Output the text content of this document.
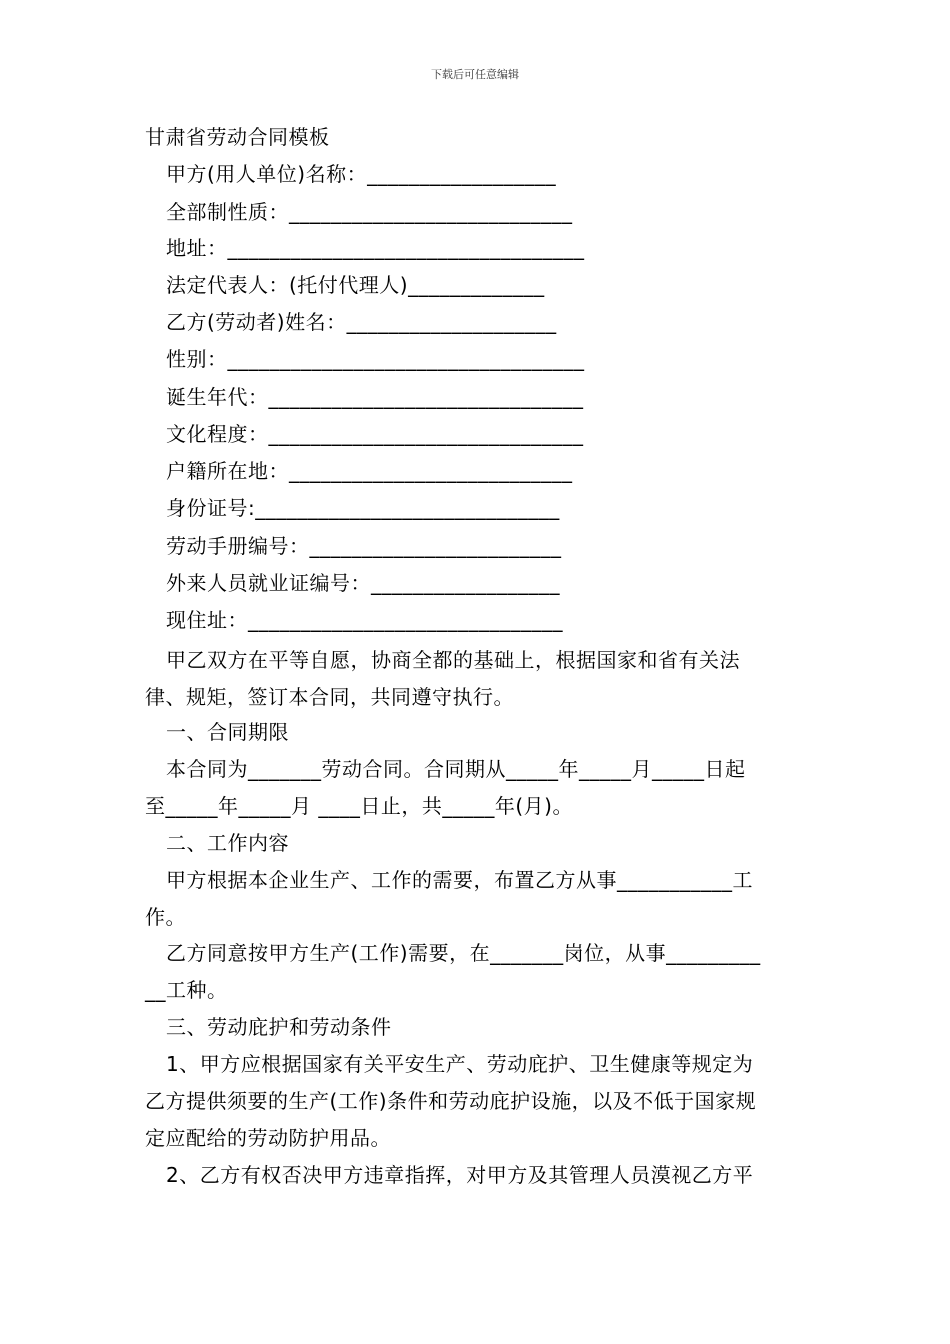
下载后可任意编辑
甘肃省劳动合同模板
甲方(用人单位)名称：__________________
全部制性质：___________________________
地址：__________________________________
法定代表人：(托付代理人)_____________
乙方(劳动者)姓名：____________________
性别：__________________________________
诞生年代：______________________________
文化程度：______________________________
户籍所在地：___________________________
身份证号:_____________________________
劳动手册编号：________________________
外来人员就业证编号：__________________
现住址：______________________________
甲乙双方在平等自愿，协商全都的基础上，根据国家和省有关法
律、规矩，签订本合同，共同遵守执行。
一、合同期限
本合同为_______劳动合同。合同期从_____年_____月_____日起
至_____年_____月 ____日止，共_____年(月)。
二、工作内容
甲方根据本企业生产、工作的需要，布置乙方从事___________工
作。
乙方同意按甲方生产(工作)需要，在_______岗位，从事_________
__工种。
三、劳动庇护和劳动条件
1、甲方应根据国家有关平安生产、劳动庇护、卫生健康等规定为
乙方提供须要的生产(工作)条件和劳动庇护设施，以及不低于国家规
定应配给的劳动防护用品。
2、乙方有权否决甲方违章指挥，对甲方及其管理人员漠视乙方平
